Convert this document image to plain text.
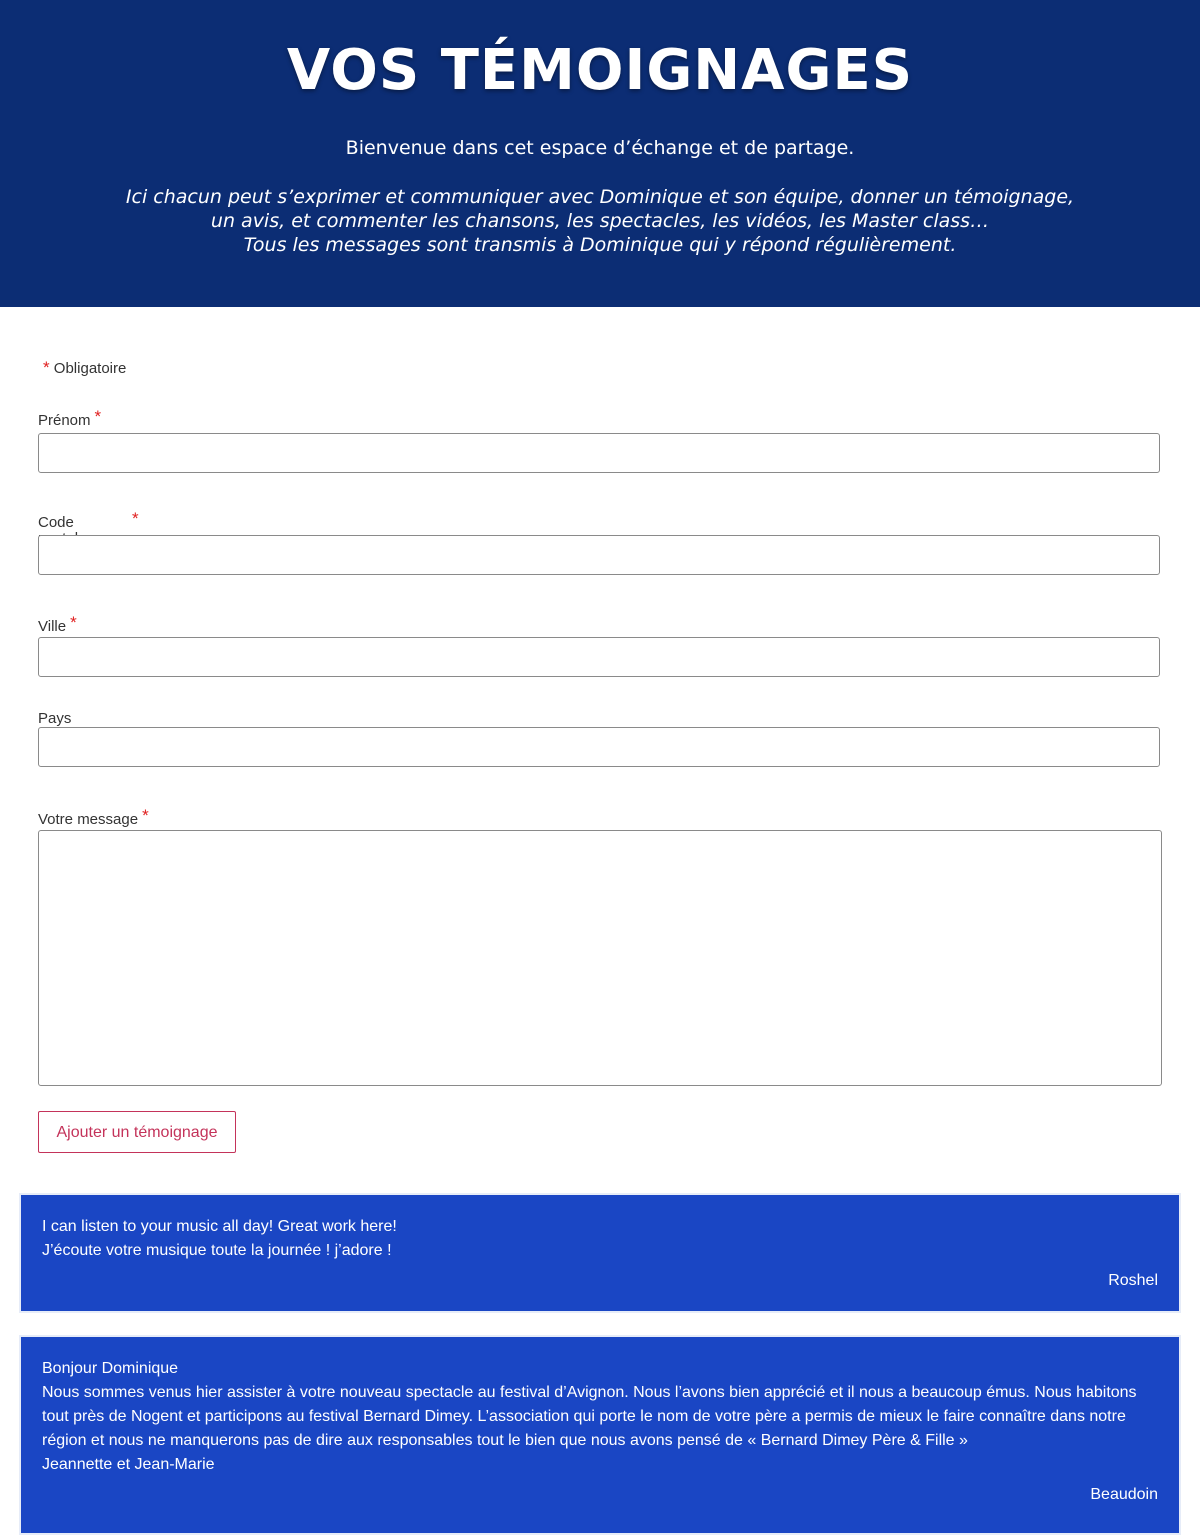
VOS TÉMOIGNAGES

Bienvenue dans cet espace d’échange et de partage.

Ici chacun peut s’exprimer et communiquer avec Dominique et son équipe, donner un témoignage,
un avis, et commenter les chansons, les spectacles, les vidéos, les Master class…
Tous les messages sont transmis à Dominique qui y répond régulièrement.

* Obligatoire
Prénom *
Code	*
Ville *
Pays
Votre message *
Ajouter un témoignage

I can listen to your music all day! Great work here!
J’écoute votre musique toute la journée ! j’adore !

Roshel

Bonjour Dominique
Nous sommes venus hier assister à votre nouveau spectacle au festival d’Avignon. Nous l’avons bien apprécié et il nous a beaucoup émus. Nous habitons tout près de Nogent et participons au festival Bernard Dimey. L’association qui porte le nom de votre père a permis de mieux le faire connaître dans notre région et nous ne manquerons pas de dire aux responsables tout le bien que nous avons pensé de « Bernard Dimey Père & Fille »
Jeannette et Jean-Marie

Beaudoin
